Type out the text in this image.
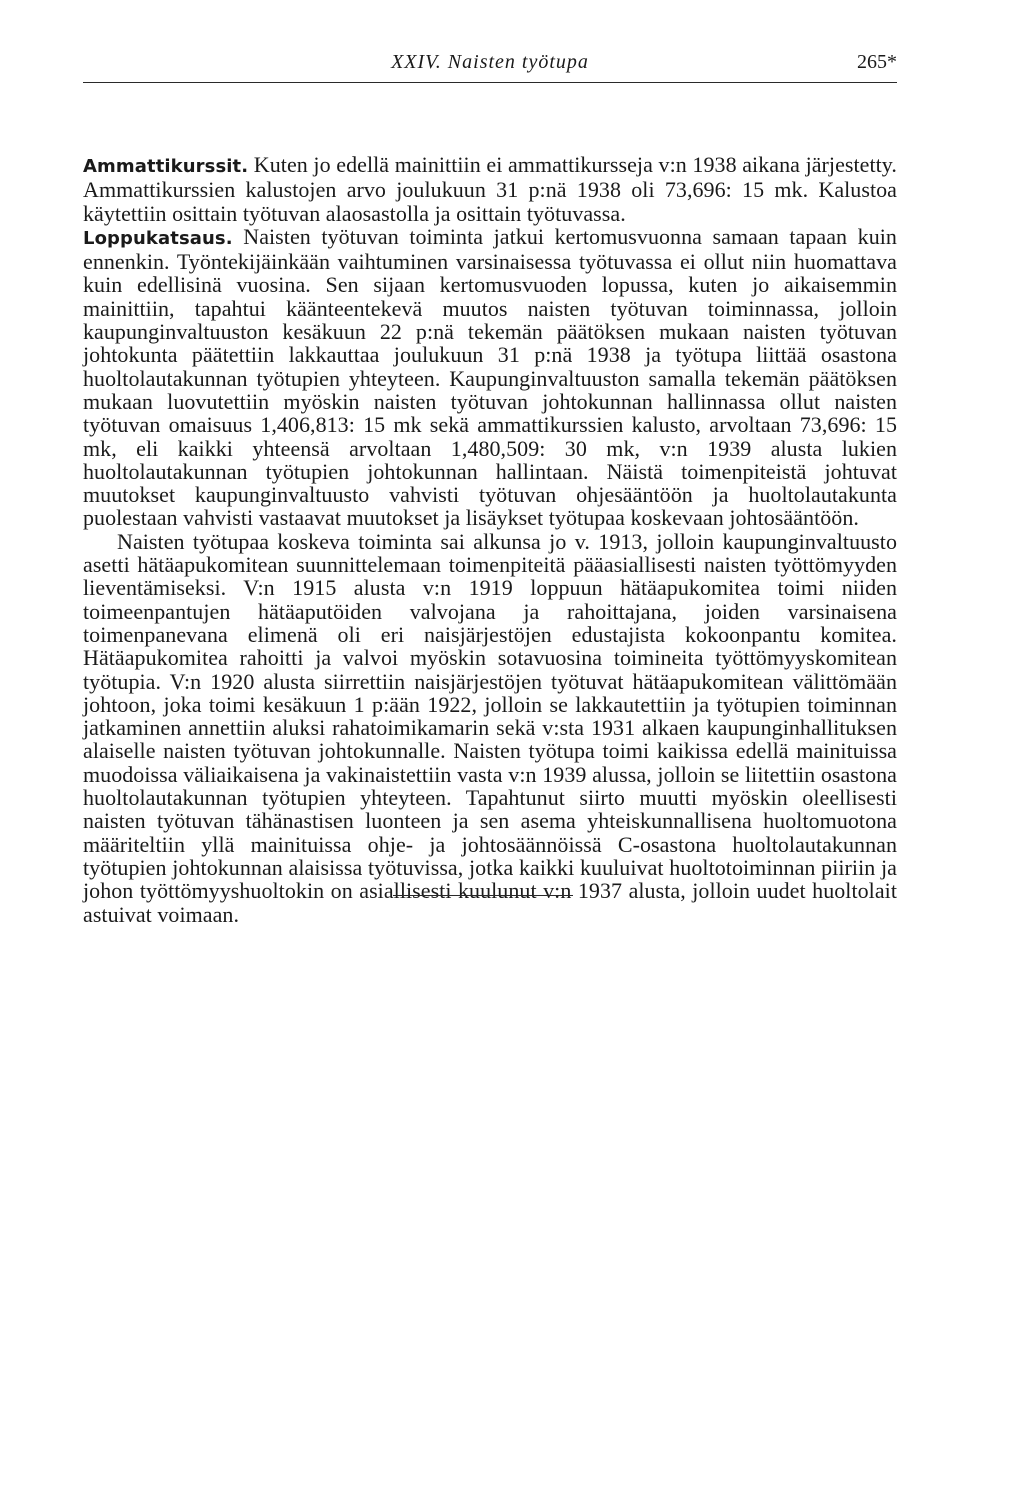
XXIV. Naisten työtupa	265*

Ammattikurssit. Kuten jo edellä mainittiin ei ammattikursseja v:n 1938 aikana järjestetty. Ammattikurssien kalustojen arvo joulukuun 31 p:nä 1938 oli 73,696: 15 mk. Kalustoa käytettiin osittain työtuvan alaosastolla ja osittain työtuvassa.

Loppukatsaus. Naisten työtuvan toiminta jatkui kertomusvuonna samaan tapaan kuin ennenkin. Työntekijäinkään vaihtuminen varsinaisessa työtuvassa ei ollut niin huomattava kuin edellisinä vuosina. Sen sijaan kertomusvuoden lopussa, kuten jo aikaisemmin mainittiin, tapahtui käänteentekevä muutos naisten työtuvan toiminnassa, jolloin kaupunginvaltuuston kesäkuun 22 p:nä tekemän päätöksen mukaan naisten työtuvan johtokunta päätettiin lakkauttaa joulukuun 31 p:nä 1938 ja työtupa liittää osastona huoltolautakunnan työtupien yhteyteen. Kaupunginvaltuuston samalla tekemän päätöksen mukaan luovutettiin myöskin naisten työtuvan johtokunnan hallinnassa ollut naisten työtuvan omaisuus 1,406,813: 15 mk sekä ammattikurssien kalusto, arvoltaan 73,696: 15 mk, eli kaikki yhteensä arvoltaan 1,480,509: 30 mk, v:n 1939 alusta lukien huoltolautakunnan työtupien johtokunnan hallintaan. Näistä toimenpiteistä johtuvat muutokset kaupunginvaltuusto vahvisti työtuvan ohjesääntöön ja huoltolautakunta puolestaan vahvisti vastaavat muutokset ja lisäykset työtupaa koskevaan johtosääntöön.

Naisten työtupaa koskeva toiminta sai alkunsa jo v. 1913, jolloin kaupunginvaltuusto asetti hätäapukomitean suunnittelemaan toimenpiteitä pääasiallisesti naisten työttömyyden lieventämiseksi. V:n 1915 alusta v:n 1919 loppuun hätäapukomitea toimi niiden toimeenpantujen hätäaputöiden valvojana ja rahoittajana, joiden varsinaisena toimenpanevana elimenä oli eri naisjärjestöjen edustajista kokoonpantu komitea. Hätäapukomitea rahoitti ja valvoi myöskin sotavuosina toimineita työttömyyskomitean työtupia. V:n 1920 alusta siirrettiin naisjärjestöjen työtuvat hätäapukomitean välittömään johtoon, joka toimi kesäkuun 1 p:ään 1922, jolloin se lakkautettiin ja työtupien toiminnan jatkaminen annettiin aluksi rahatoimikamarin sekä v:sta 1931 alkaen kaupunginhallituksen alaiselle naisten työtuvan johtokunnalle. Naisten työtupa toimi kaikissa edellä mainituissa muodoissa väliaikaisena ja vakinaistettiin vasta v:n 1939 alussa, jolloin se liitettiin osastona huoltolautakunnan työtupien yhteyteen. Tapahtunut siirto muutti myöskin oleellisesti naisten työtuvan tähänastisen luonteen ja sen asema yhteiskunnallisena huoltomuotona määriteltiin yllä mainituissa ohje- ja johtosäännöissä C-osastona huoltolautakunnan työtupien johtokunnan alaisissa työtuvissa, jotka kaikki kuuluivat huoltotoiminnan piiriin ja johon työttömyyshuoltokin on asiallisesti kuulunut v:n 1937 alusta, jolloin uudet huoltolait astuivat voimaan.
